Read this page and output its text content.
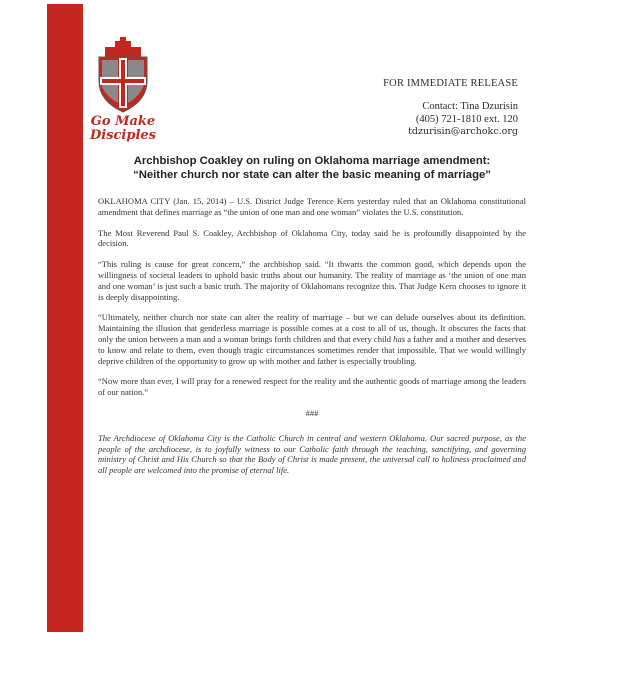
Go Make
Disciples
FOR IMMEDIATE RELEASE
Contact: Tina Dzurisin
(405) 721-1810 ext. 120
tdzurisin@archokc.org
Archbishop Coakley on ruling on Oklahoma marriage amendment:
“Neither church nor state can alter the basic meaning of marriage”

OKLAHOMA CITY (Jan. 15, 2014) – U.S. District Judge Terence Kern yesterday ruled that an Oklahoma constitutional amendment that defines marriage as “the union of one man and one woman” violates the U.S. constitution.

The Most Reverend Paul S. Coakley, Archbishop of Oklahoma City, today said he is profoundly disappointed by the decision.

“This ruling is cause for great concern,” the archbishop said. “It thwarts the common good, which depends upon the willingness of societal leaders to uphold basic truths about our humanity. The reality of marriage as ‘the union of one man and one woman’ is just such a basic truth. The majority of Oklahomans recognize this. That Judge Kern chooses to ignore it is deeply disappointing.

“Ultimately, neither church nor state can alter the reality of marriage – but we can delude ourselves about its definition. Maintaining the illusion that genderless marriage is possible comes at a cost to all of us, though. It obscures the facts that only the union between a man and a woman brings forth children and that every child has a father and a mother and deserves to know and relate to them, even though tragic circumstances sometimes render that impossible. That we would willingly deprive children of the opportunity to grow up with mother and father is especially troubling.

“Now more than ever, I will pray for a renewed respect for the reality and the authentic goods of marriage among the leaders of our nation.”

###

The Archdiocese of Oklahoma City is the Catholic Church in central and western Oklahoma. Our sacred purpose, as the people of the archdiocese, is to joyfully witness to our Catholic faith through the teaching, sanctifying, and governing ministry of Christ and His Church so that the Body of Christ is made present, the universal call to holiness proclaimed and all people are welcomed into the promise of eternal life.
